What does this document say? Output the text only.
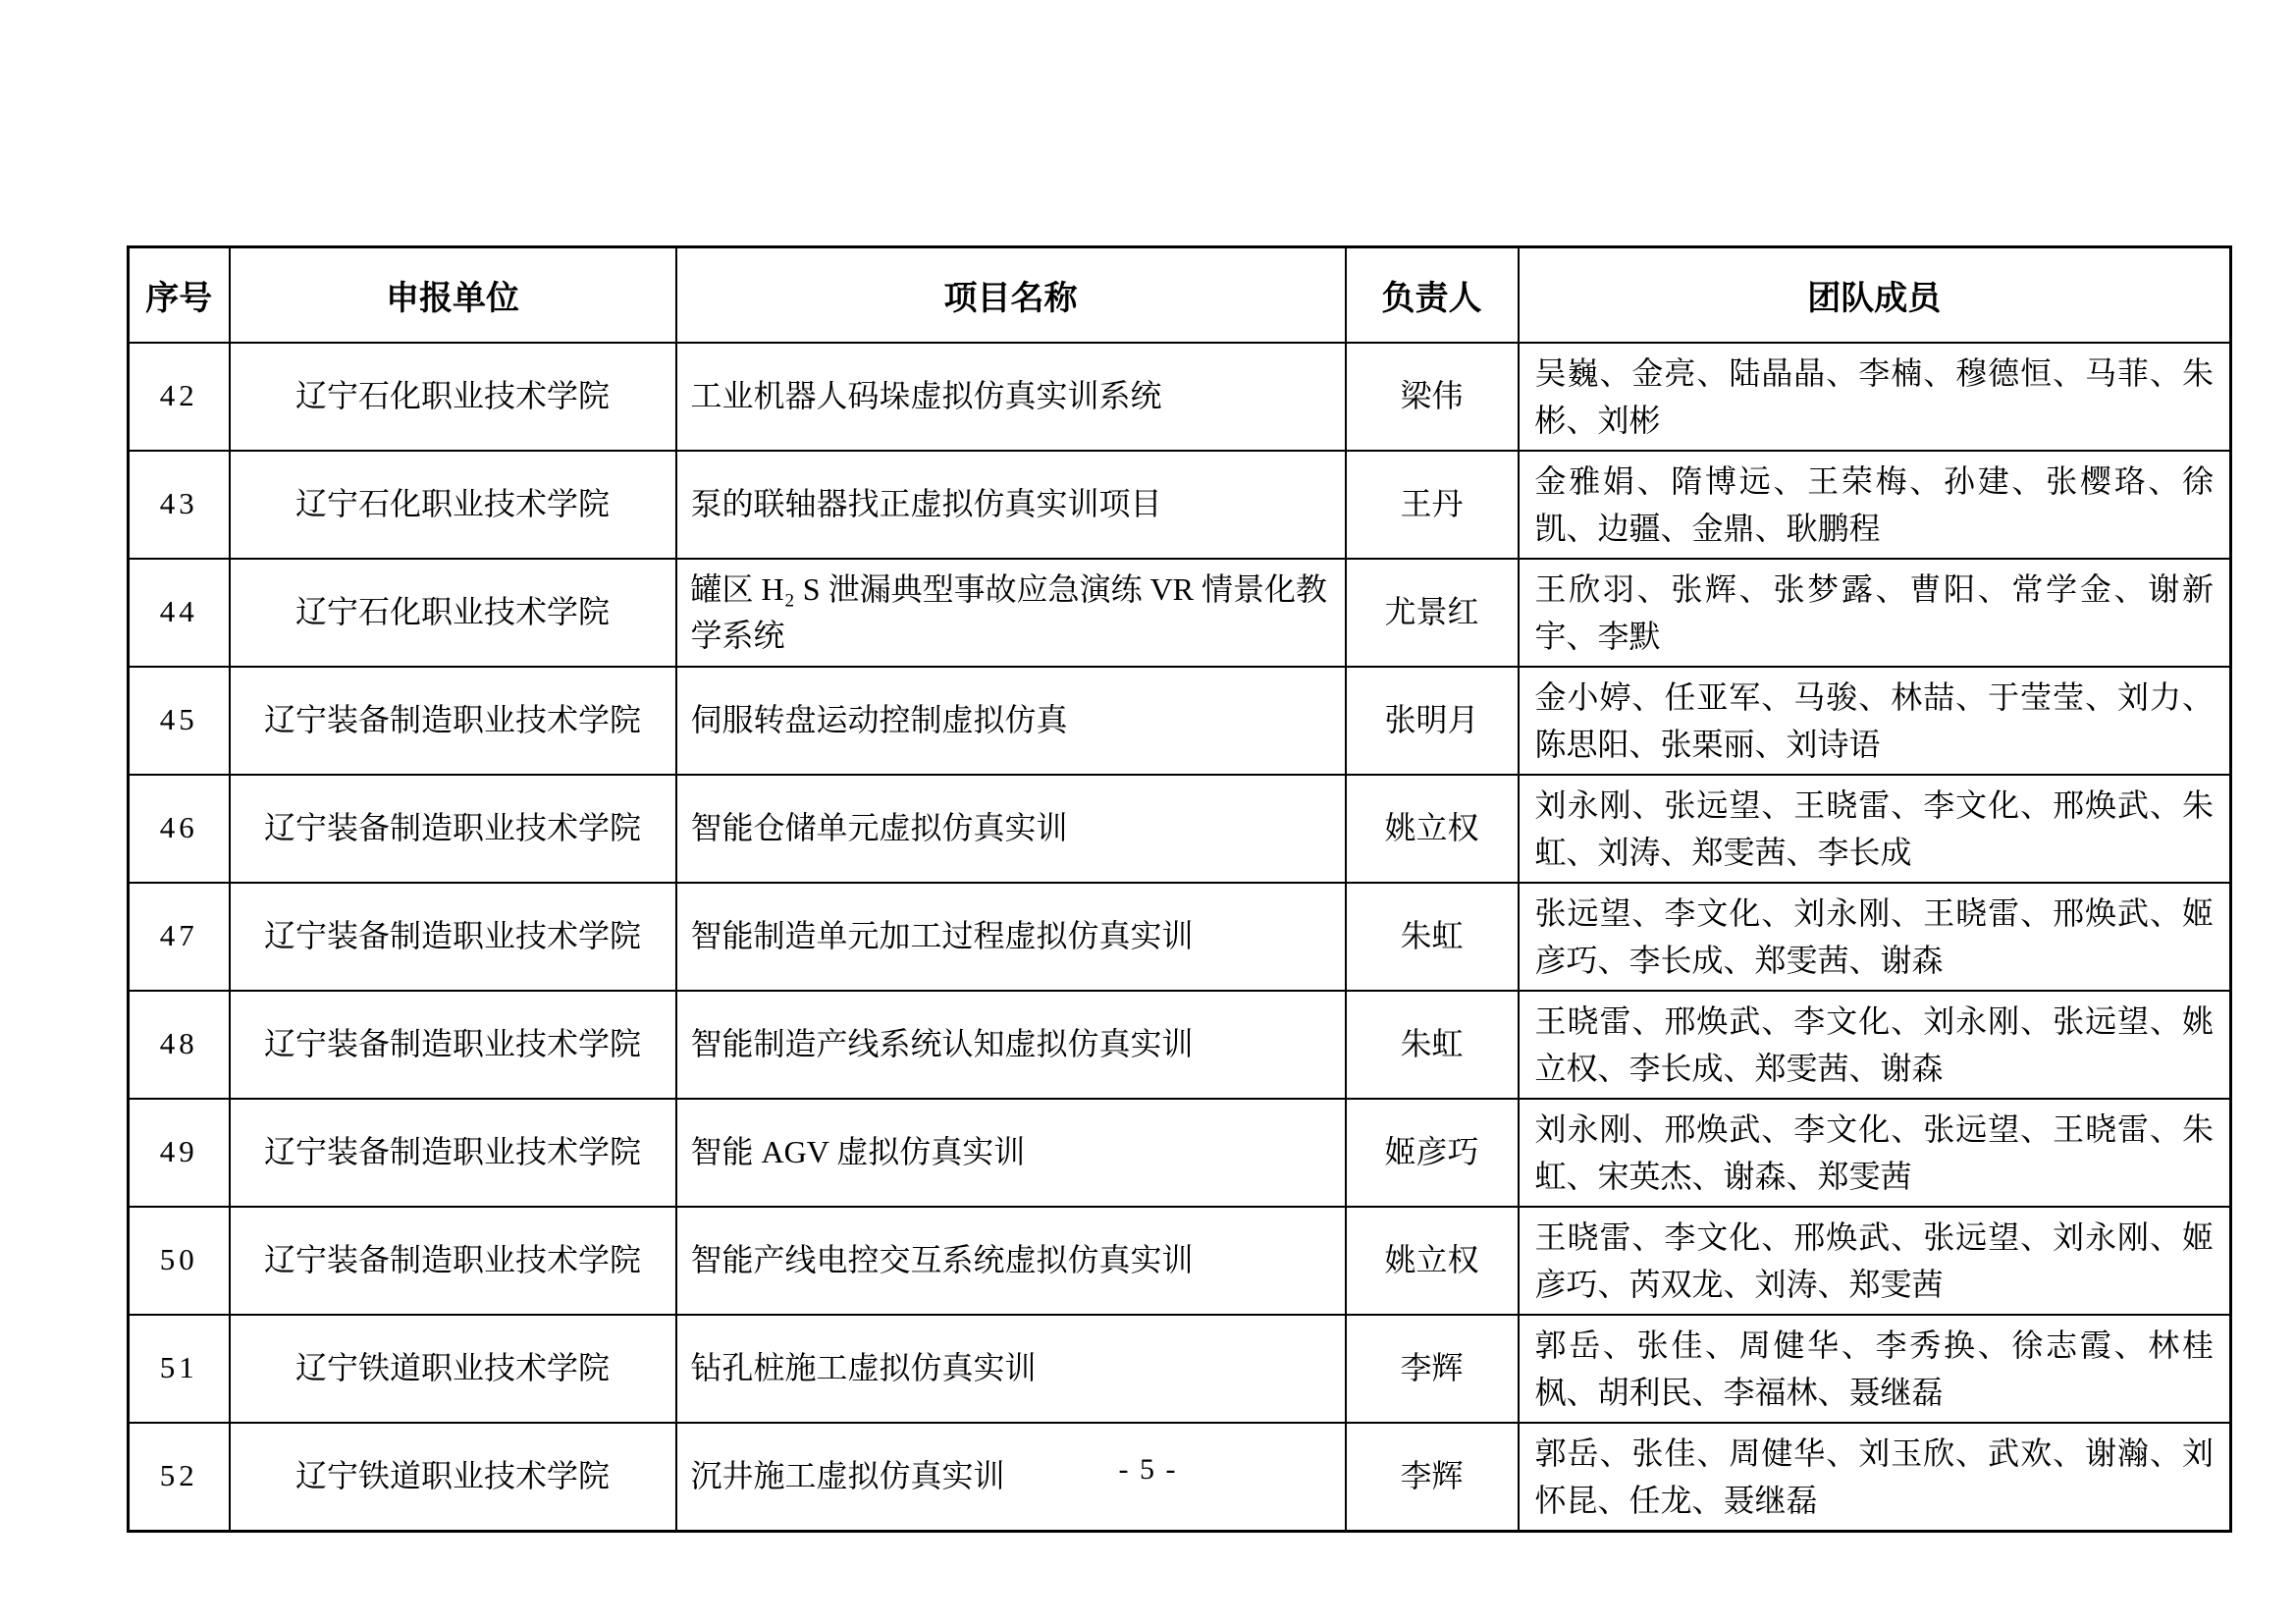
序号	申报单位	项目名称	负责人	团队成员
42	辽宁石化职业技术学院	工业机器人码垛虚拟仿真实训系统	梁伟	吴巍、金亮、陆晶晶、李楠、穆德恒、马菲、朱彬、刘彬
43	辽宁石化职业技术学院	泵的联轴器找正虚拟仿真实训项目	王丹	金雅娟、隋博远、王荣梅、孙建、张樱珞、徐凯、边疆、金鼎、耿鹏程
44	辽宁石化职业技术学院	罐区 H₂ S 泄漏典型事故应急演练 VR 情景化教学系统	尤景红	王欣羽、张辉、张梦露、曹阳、常学金、谢新宇、李默
45	辽宁装备制造职业技术学院	伺服转盘运动控制虚拟仿真	张明月	金小婷、任亚军、马骏、林喆、于莹莹、刘力、陈思阳、张栗丽、刘诗语
46	辽宁装备制造职业技术学院	智能仓储单元虚拟仿真实训	姚立权	刘永刚、张远望、王晓雷、李文化、邢焕武、朱虹、刘涛、郑雯茜、李长成
47	辽宁装备制造职业技术学院	智能制造单元加工过程虚拟仿真实训	朱虹	张远望、李文化、刘永刚、王晓雷、邢焕武、姬彦巧、李长成、郑雯茜、谢森
48	辽宁装备制造职业技术学院	智能制造产线系统认知虚拟仿真实训	朱虹	王晓雷、邢焕武、李文化、刘永刚、张远望、姚立权、李长成、郑雯茜、谢森
49	辽宁装备制造职业技术学院	智能 AGV 虚拟仿真实训	姬彦巧	刘永刚、邢焕武、李文化、张远望、王晓雷、朱虹、宋英杰、谢森、郑雯茜
50	辽宁装备制造职业技术学院	智能产线电控交互系统虚拟仿真实训	姚立权	王晓雷、李文化、邢焕武、张远望、刘永刚、姬彦巧、芮双龙、刘涛、郑雯茜
51	辽宁铁道职业技术学院	钻孔桩施工虚拟仿真实训	李辉	郭岳、张佳、周健华、李秀换、徐志霞、林桂枫、胡利民、李福林、聂继磊
52	辽宁铁道职业技术学院	沉井施工虚拟仿真实训	李辉	郭岳、张佳、周健华、刘玉欣、武欢、谢瀚、刘怀昆、任龙、聂继磊
- 5 -
